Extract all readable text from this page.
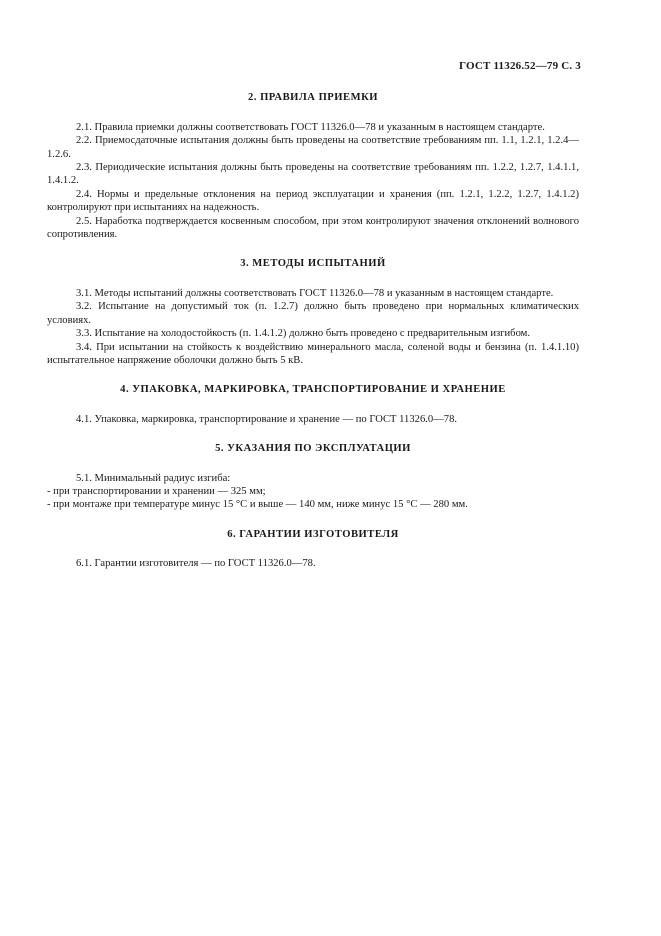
ГОСТ 11326.52—79 С. 3
2. ПРАВИЛА ПРИЕМКИ

2.1. Правила приемки должны соответствовать ГОСТ 11326.0—78 и указанным в настоящем стандарте.

2.2. Приемосдаточные испытания должны быть проведены на соответствие требованиям пп. 1.1, 1.2.1, 1.2.4—1.2.6.

2.3. Периодические испытания должны быть проведены на соответствие требованиям пп. 1.2.2, 1.2.7, 1.4.1.1, 1.4.1.2.

2.4. Нормы и предельные отклонения на период эксплуатации и хранения (пп. 1.2.1, 1.2.2, 1.2.7, 1.4.1.2) контролируют при испытаниях на надежность.

2.5. Наработка подтверждается косвенным способом, при этом контролируют значения отклонений волнового сопротивления.

3. МЕТОДЫ ИСПЫТАНИЙ

3.1. Методы испытаний должны соответствовать ГОСТ 11326.0—78 и указанным в настоящем стандарте.

3.2. Испытание на допустимый ток (п. 1.2.7) должно быть проведено при нормальных климатических условиях.

3.3. Испытание на холодостойкость (п. 1.4.1.2) должно быть проведено с предварительным изгибом.

3.4. При испытании на стойкость к воздействию минерального масла, соленой воды и бензина (п. 1.4.1.10) испытательное напряжение оболочки должно быть 5 кВ.

4. УПАКОВКА, МАРКИРОВКА, ТРАНСПОРТИРОВАНИЕ И ХРАНЕНИЕ

4.1. Упаковка, маркировка, транспортирование и хранение — по ГОСТ 11326.0—78.

5. УКАЗАНИЯ ПО ЭКСПЛУАТАЦИИ

5.1. Минимальный радиус изгиба:

- при транспортировании и хранении — 325 мм;

- при монтаже при температуре минус 15 °С и выше — 140 мм, ниже минус 15 °С — 280 мм.

6. ГАРАНТИИ ИЗГОТОВИТЕЛЯ

6.1. Гарантии изготовителя — по ГОСТ 11326.0—78.
